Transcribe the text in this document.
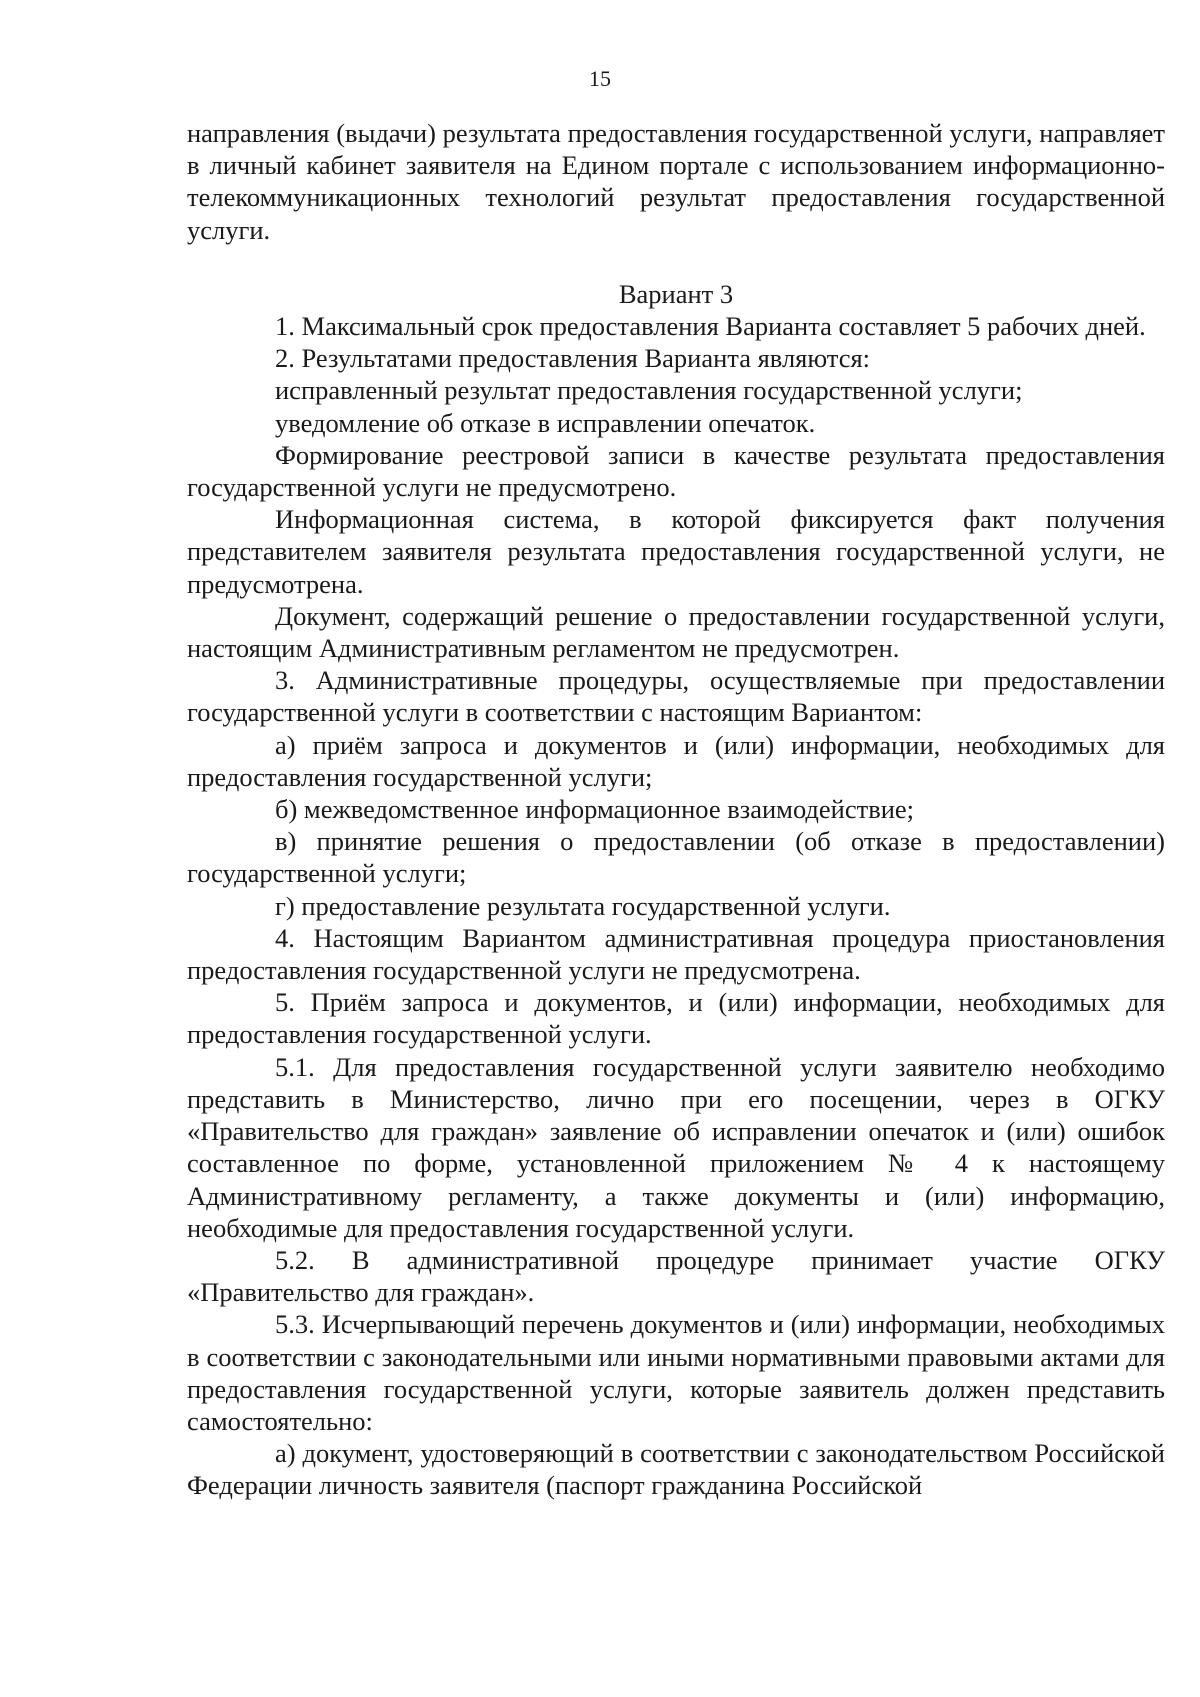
15

направления (выдачи) результата предоставления государственной услуги, направляет в личный кабинет заявителя на Едином портале с использованием информационно-телекоммуникационных технологий результат предоставления государственной услуги.

Вариант 3

1. Максимальный срок предоставления Варианта составляет 5 рабочих дней.

2. Результатами предоставления Варианта являются:

исправленный результат предоставления государственной услуги;

уведомление об отказе в исправлении опечаток.

Формирование реестровой записи в качестве результата предоставления государственной услуги не предусмотрено.

Информационная система, в которой фиксируется факт получения представителем заявителя результата предоставления государственной услуги, не предусмотрена.

Документ, содержащий решение о предоставлении государственной услуги, настоящим Административным регламентом не предусмотрен.

3. Административные процедуры, осуществляемые при предоставлении государственной услуги в соответствии с настоящим Вариантом:

а) приём запроса и документов и (или) информации, необходимых для предоставления государственной услуги;

б) межведомственное информационное взаимодействие;

в) принятие решения о предоставлении (об отказе в предоставлении) государственной услуги;

г) предоставление результата государственной услуги.

4. Настоящим Вариантом административная процедура приостановления предоставления государственной услуги не предусмотрена.

5. Приём запроса и документов, и (или) информации, необходимых для предоставления государственной услуги.

5.1. Для предоставления государственной услуги заявителю необходимо представить в Министерство, лично при его посещении, через в ОГКУ «Правительство для граждан» заявление об исправлении опечаток и (или) ошибок составленное по форме, установленной приложением № 4 к настоящему Административному регламенту, а также документы и (или) информацию, необходимые для предоставления государственной услуги.

5.2. В административной процедуре принимает участие ОГКУ «Правительство для граждан».

5.3. Исчерпывающий перечень документов и (или) информации, необходимых в соответствии с законодательными или иными нормативными правовыми актами для предоставления государственной услуги, которые заявитель должен представить самостоятельно:

а) документ, удостоверяющий в соответствии с законодательством Российской Федерации личность заявителя (паспорт гражданина Российской
